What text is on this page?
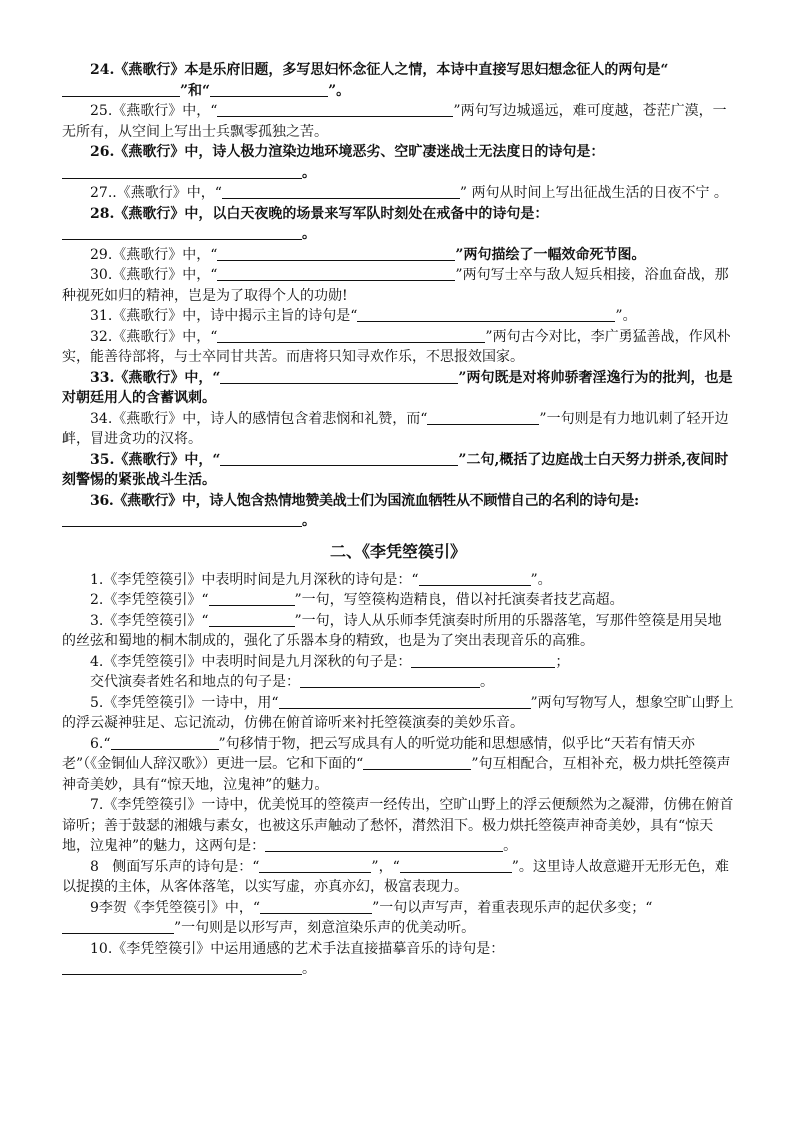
24.《燕歌行》本是乐府旧题，多写思妇怀念征人之情，本诗中直接写思妇想念征人的两句是“”和“	”。

25.《燕歌行》中，“	”两句写边城遥远，难可度越，苍茫广漠，一无所有，从空间上写出士兵飘零孤独之苦。

26.《燕歌行》中，诗人极力渲染边地环境恶劣、空旷凄迷战士无法度日的诗句是：
。

27..《燕歌行》中，“	” 两句从时间上写出征战生活的日夜不宁 。

28.《燕歌行》中，以白天夜晚的场景来写军队时刻处在戒备中的诗句是：
。

29.《燕歌行》中，“	”两句描绘了一幅效命死节图。

30.《燕歌行》中，“	”两句写士卒与敌人短兵相接，浴血奋战，那种视死如归的精神，岂是为了取得个人的功勋!

31.《燕歌行》中，诗中揭示主旨的诗句是“	”。

32.《燕歌行》中，“	”两句古今对比，李广勇猛善战，作风朴实，能善待部将，与士卒同甘共苦。而唐将只知寻欢作乐，不思报效国家。

33.《燕歌行》中，“	”两句既是对将帅骄奢淫逸行为的批判，也是对朝廷用人的含蓄讽刺。

34.《燕歌行》中，诗人的感情包含着悲悯和礼赞，而“	”一句则是有力地讥刺了轻开边衅，冒进贪功的汉将。

35.《燕歌行》中，“	”二句,概括了边庭战士白天努力拼杀,夜间时刻警惕的紧张战斗生活。

36.《燕歌行》中，诗人饱含热情地赞美战士们为国流血牺牲从不顾惜自己的名利的诗句是:
。

二、《李凭箜篌引》

1.《李凭箜篌引》中表明时间是九月深秋的诗句是：“	”。

2.《李凭箜篌引》“	”一句，写箜篌构造精良，借以衬托演奏者技艺高超。

3.《李凭箜篌引》“	”一句，诗人从乐师李凭演奏时所用的乐器落笔，写那件箜篌是用吴地的丝弦和蜀地的桐木制成的，强化了乐器本身的精致，也是为了突出表现音乐的高雅。

4.《李凭箜篌引》中表明时间是九月深秋的句子是：	；

交代演奏者姓名和地点的句子是：	。

5.《李凭箜篌引》一诗中，用“	”两句写物写人，想象空旷山野上的浮云凝神驻足、忘记流动，仿佛在俯首谛听来衬托箜篌演奏的美妙乐音。

6.“	”句移情于物，把云写成具有人的听觉功能和思想感情，似乎比“天若有情天亦老”（《金铜仙人辞汉歌》）更进一层。它和下面的“	”句互相配合，互相补充，极力烘托箜篌声神奇美妙，具有“惊天地，泣鬼神”的魅力。

7.《李凭箜篌引》一诗中，优美悦耳的箜篌声一经传出，空旷山野上的浮云便颓然为之凝滞，仿佛在俯首谛听；善于鼓瑟的湘娥与素女，也被这乐声触动了愁怀，潸然泪下。极力烘托箜篌声神奇美妙，具有“惊天地，泣鬼神”的魅力，这两句是：	。

8   侧面写乐声的诗句是：“	”，“	”。这里诗人故意避开无形无色，难以捉摸的主体，从客体落笔，以实写虚，亦真亦幻，极富表现力。

9李贺《李凭箜篌引》中，“	”一句以声写声，着重表现乐声的起伏多变；“”一句则是以形写声，刻意渲染乐声的优美动听。

10.《李凭箜篌引》中运用通感的艺术手法直接描摹音乐的诗句是：
。
